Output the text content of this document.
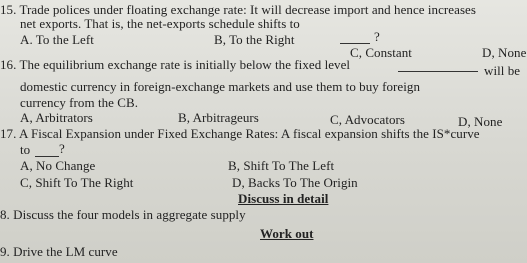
15. Trade polices under floating exchange rate: It will decrease import and hence increases
net exports. That is, the net-exports schedule shifts to
?
A. To the Left	B, To the Right
C, Constant	D, None
16. The equilibrium exchange rate is initially below the fixed level	will be
domestic currency in foreign-exchange markets and use them to buy foreign
currency from the CB.
A, Arbitrators	B, Arbitrageurs	C, Advocators	D, None
17. A Fiscal Expansion under Fixed Exchange Rates: A fiscal expansion shifts the IS*curve
to ?
A, No Change	B, Shift To The Left
C, Shift To The Right	D, Backs To The Origin
Discuss in detail
8. Discuss the four models in aggregate supply
Work out
9. Drive the LM curve
